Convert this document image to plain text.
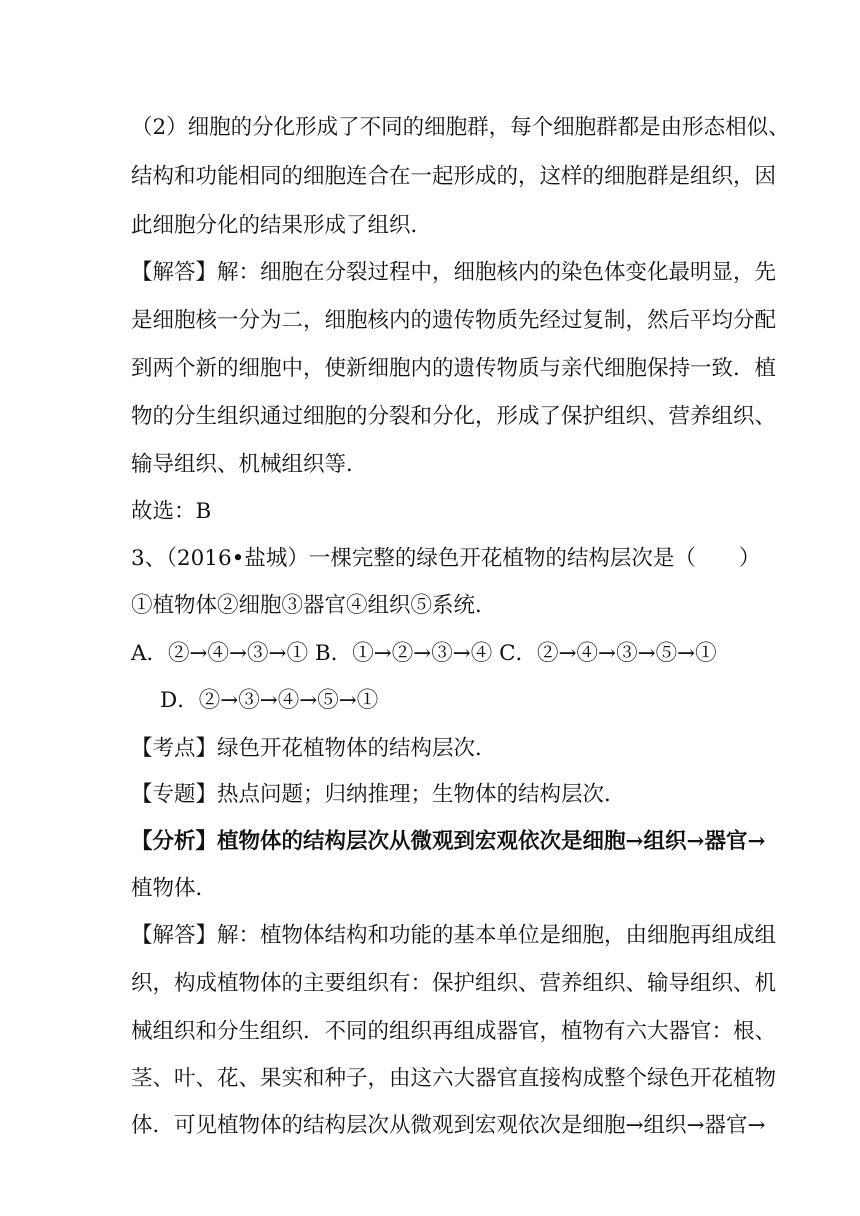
（2）细胞的分化形成了不同的细胞群，每个细胞群都是由形态相似、
结构和功能相同的细胞连合在一起形成的，这样的细胞群是组织，因
此细胞分化的结果形成了组织．
【解答】解：细胞在分裂过程中，细胞核内的染色体变化最明显，先
是细胞核一分为二，细胞核内的遗传物质先经过复制，然后平均分配
到两个新的细胞中，使新细胞内的遗传物质与亲代细胞保持一致．植
物的分生组织通过细胞的分裂和分化，形成了保护组织、营养组织、
输导组织、机械组织等．
故选：B
3、（2016•盐城）一棵完整的绿色开花植物的结构层次是（　　）
①植物体②细胞③器官④组织⑤系统．
A．②→④→③→① B．①→②→③→④ C．②→④→③→⑤→①
D．②→③→④→⑤→①
【考点】绿色开花植物体的结构层次．
【专题】热点问题；归纳推理；生物体的结构层次．
【分析】植物体的结构层次从微观到宏观依次是细胞→组织→器官→
植物体．
【解答】解：植物体结构和功能的基本单位是细胞，由细胞再组成组
织，构成植物体的主要组织有：保护组织、营养组织、输导组织、机
械组织和分生组织．不同的组织再组成器官，植物有六大器官：根、
茎、叶、花、果实和种子，由这六大器官直接构成整个绿色开花植物
体．可见植物体的结构层次从微观到宏观依次是细胞→组织→器官→
